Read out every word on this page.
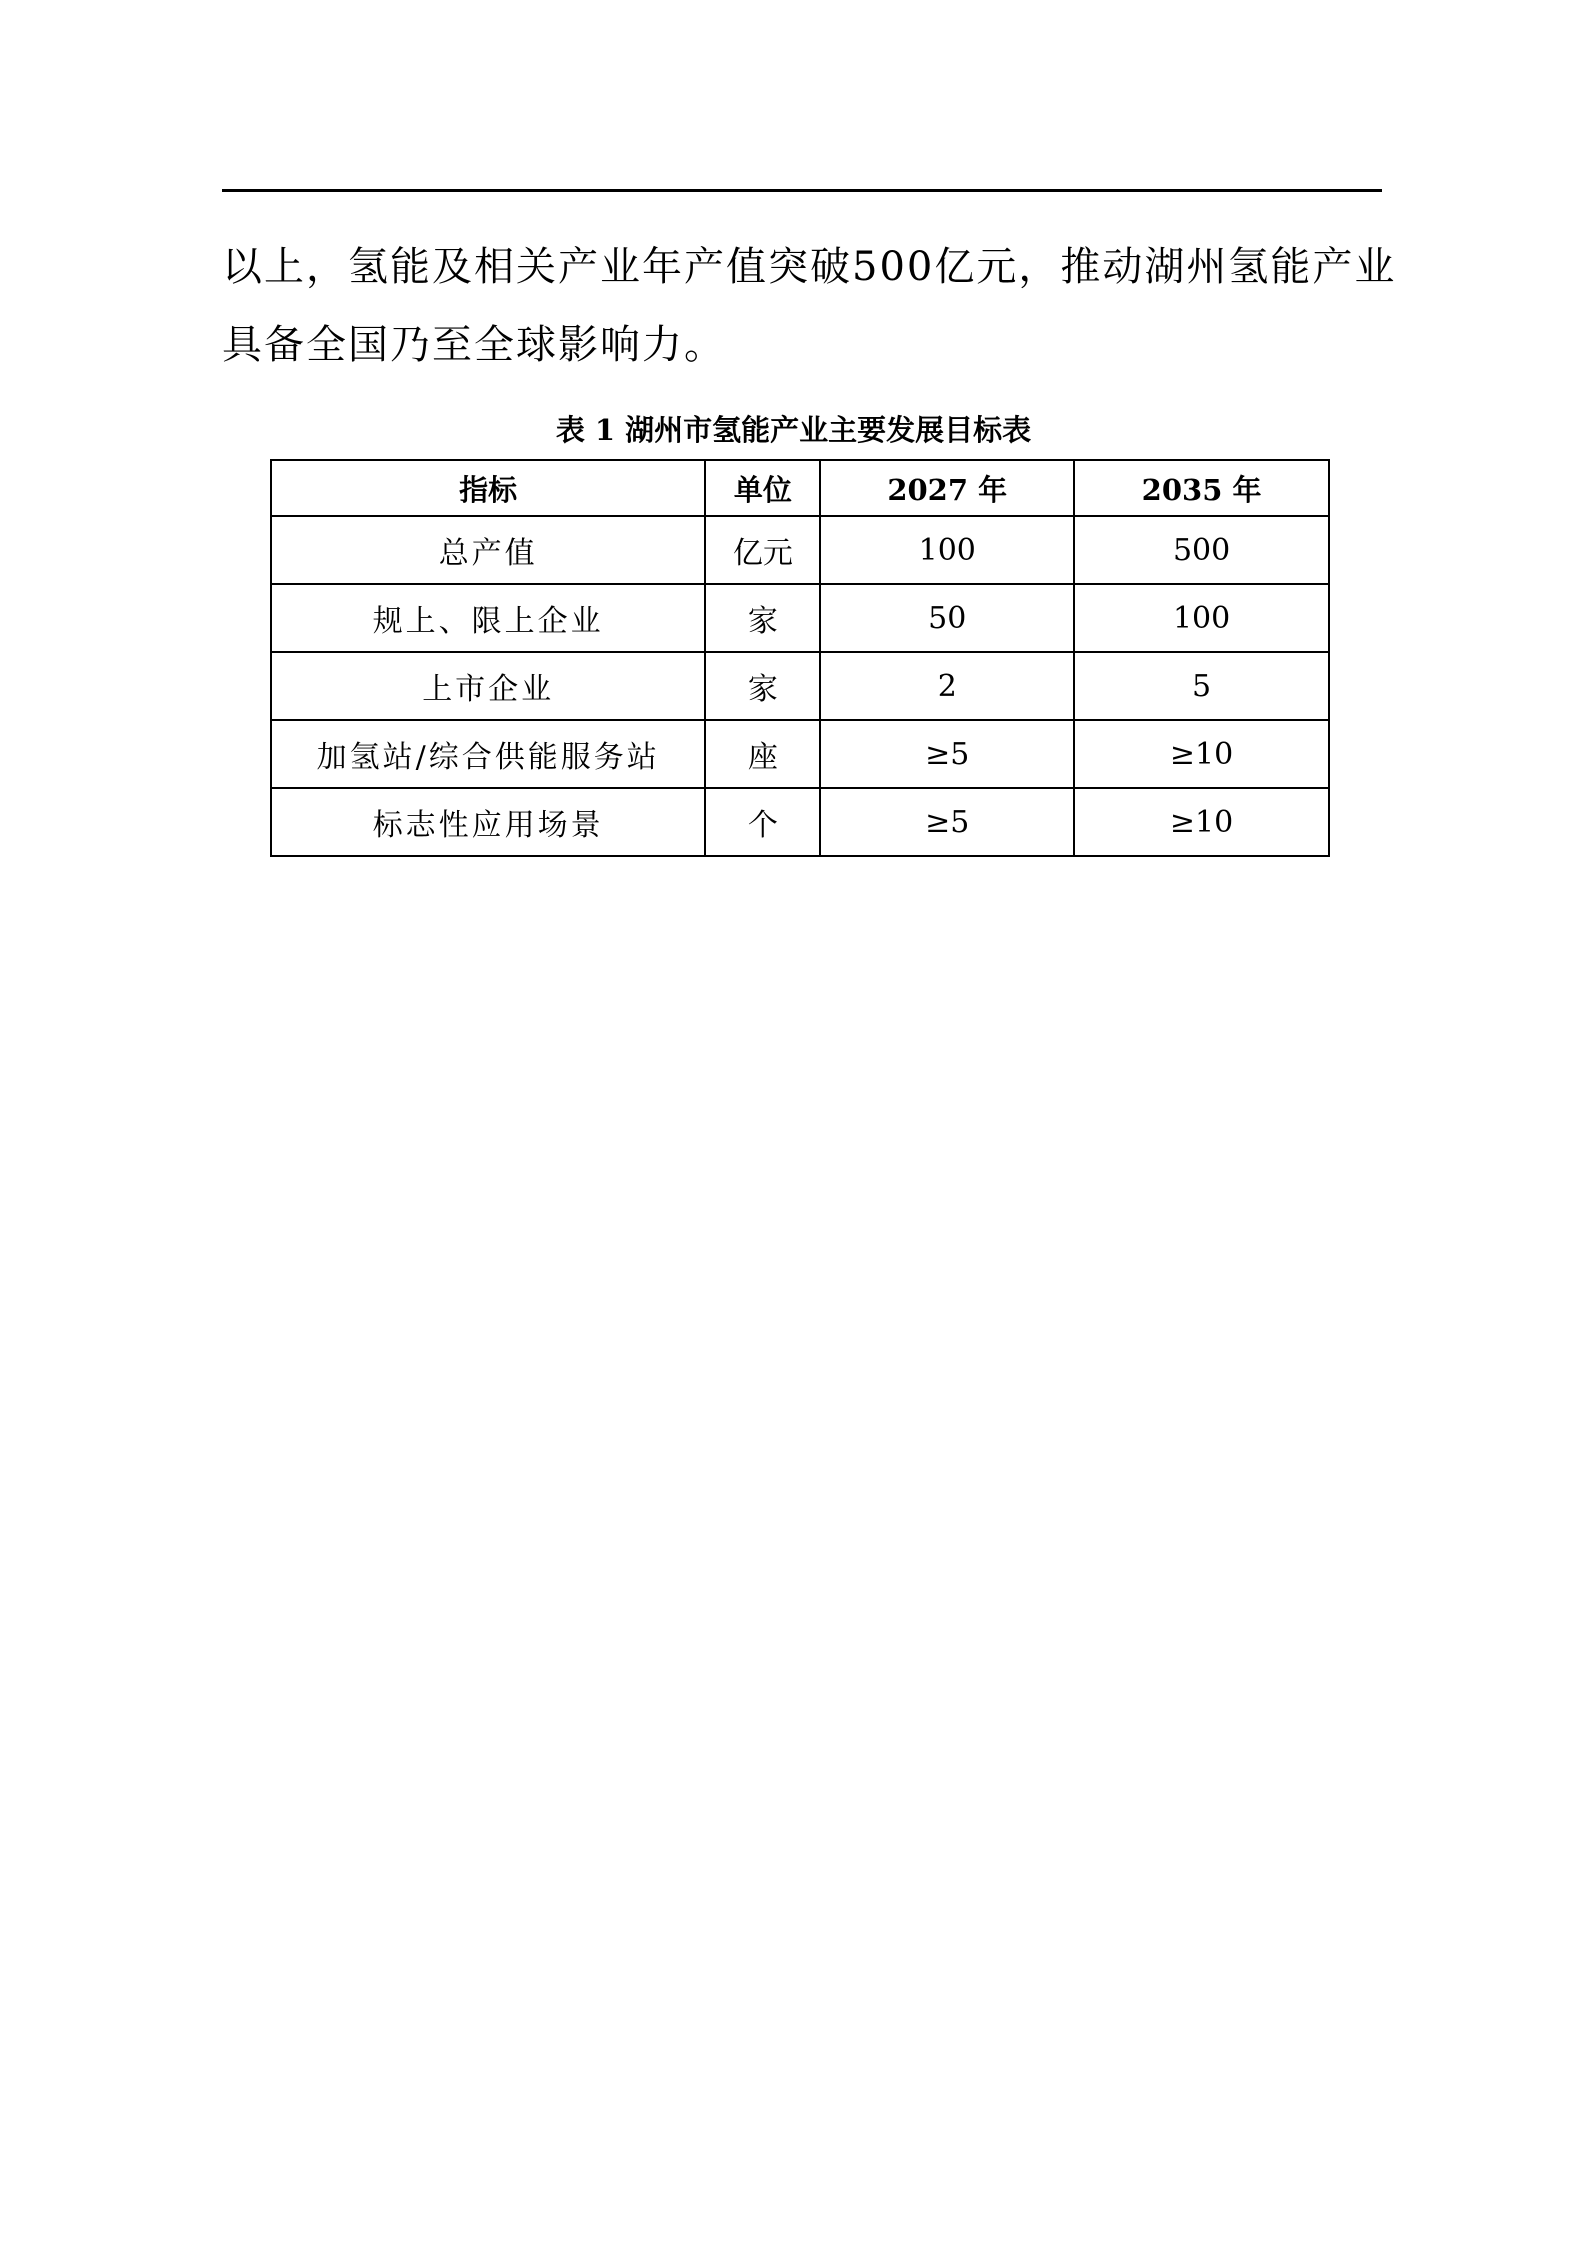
以上，氢能及相关产业年产值突破500亿元，推动湖州氢能产业

具备全国乃至全球影响力。

表 1 湖州市氢能产业主要发展目标表
指标	单位	2027 年	2035 年
总产值	亿元	100	500
规上、限上企业	家	50	100
上市企业	家	2	5
加氢站/综合供能服务站	座	≥5	≥10
标志性应用场景	个	≥5	≥10
